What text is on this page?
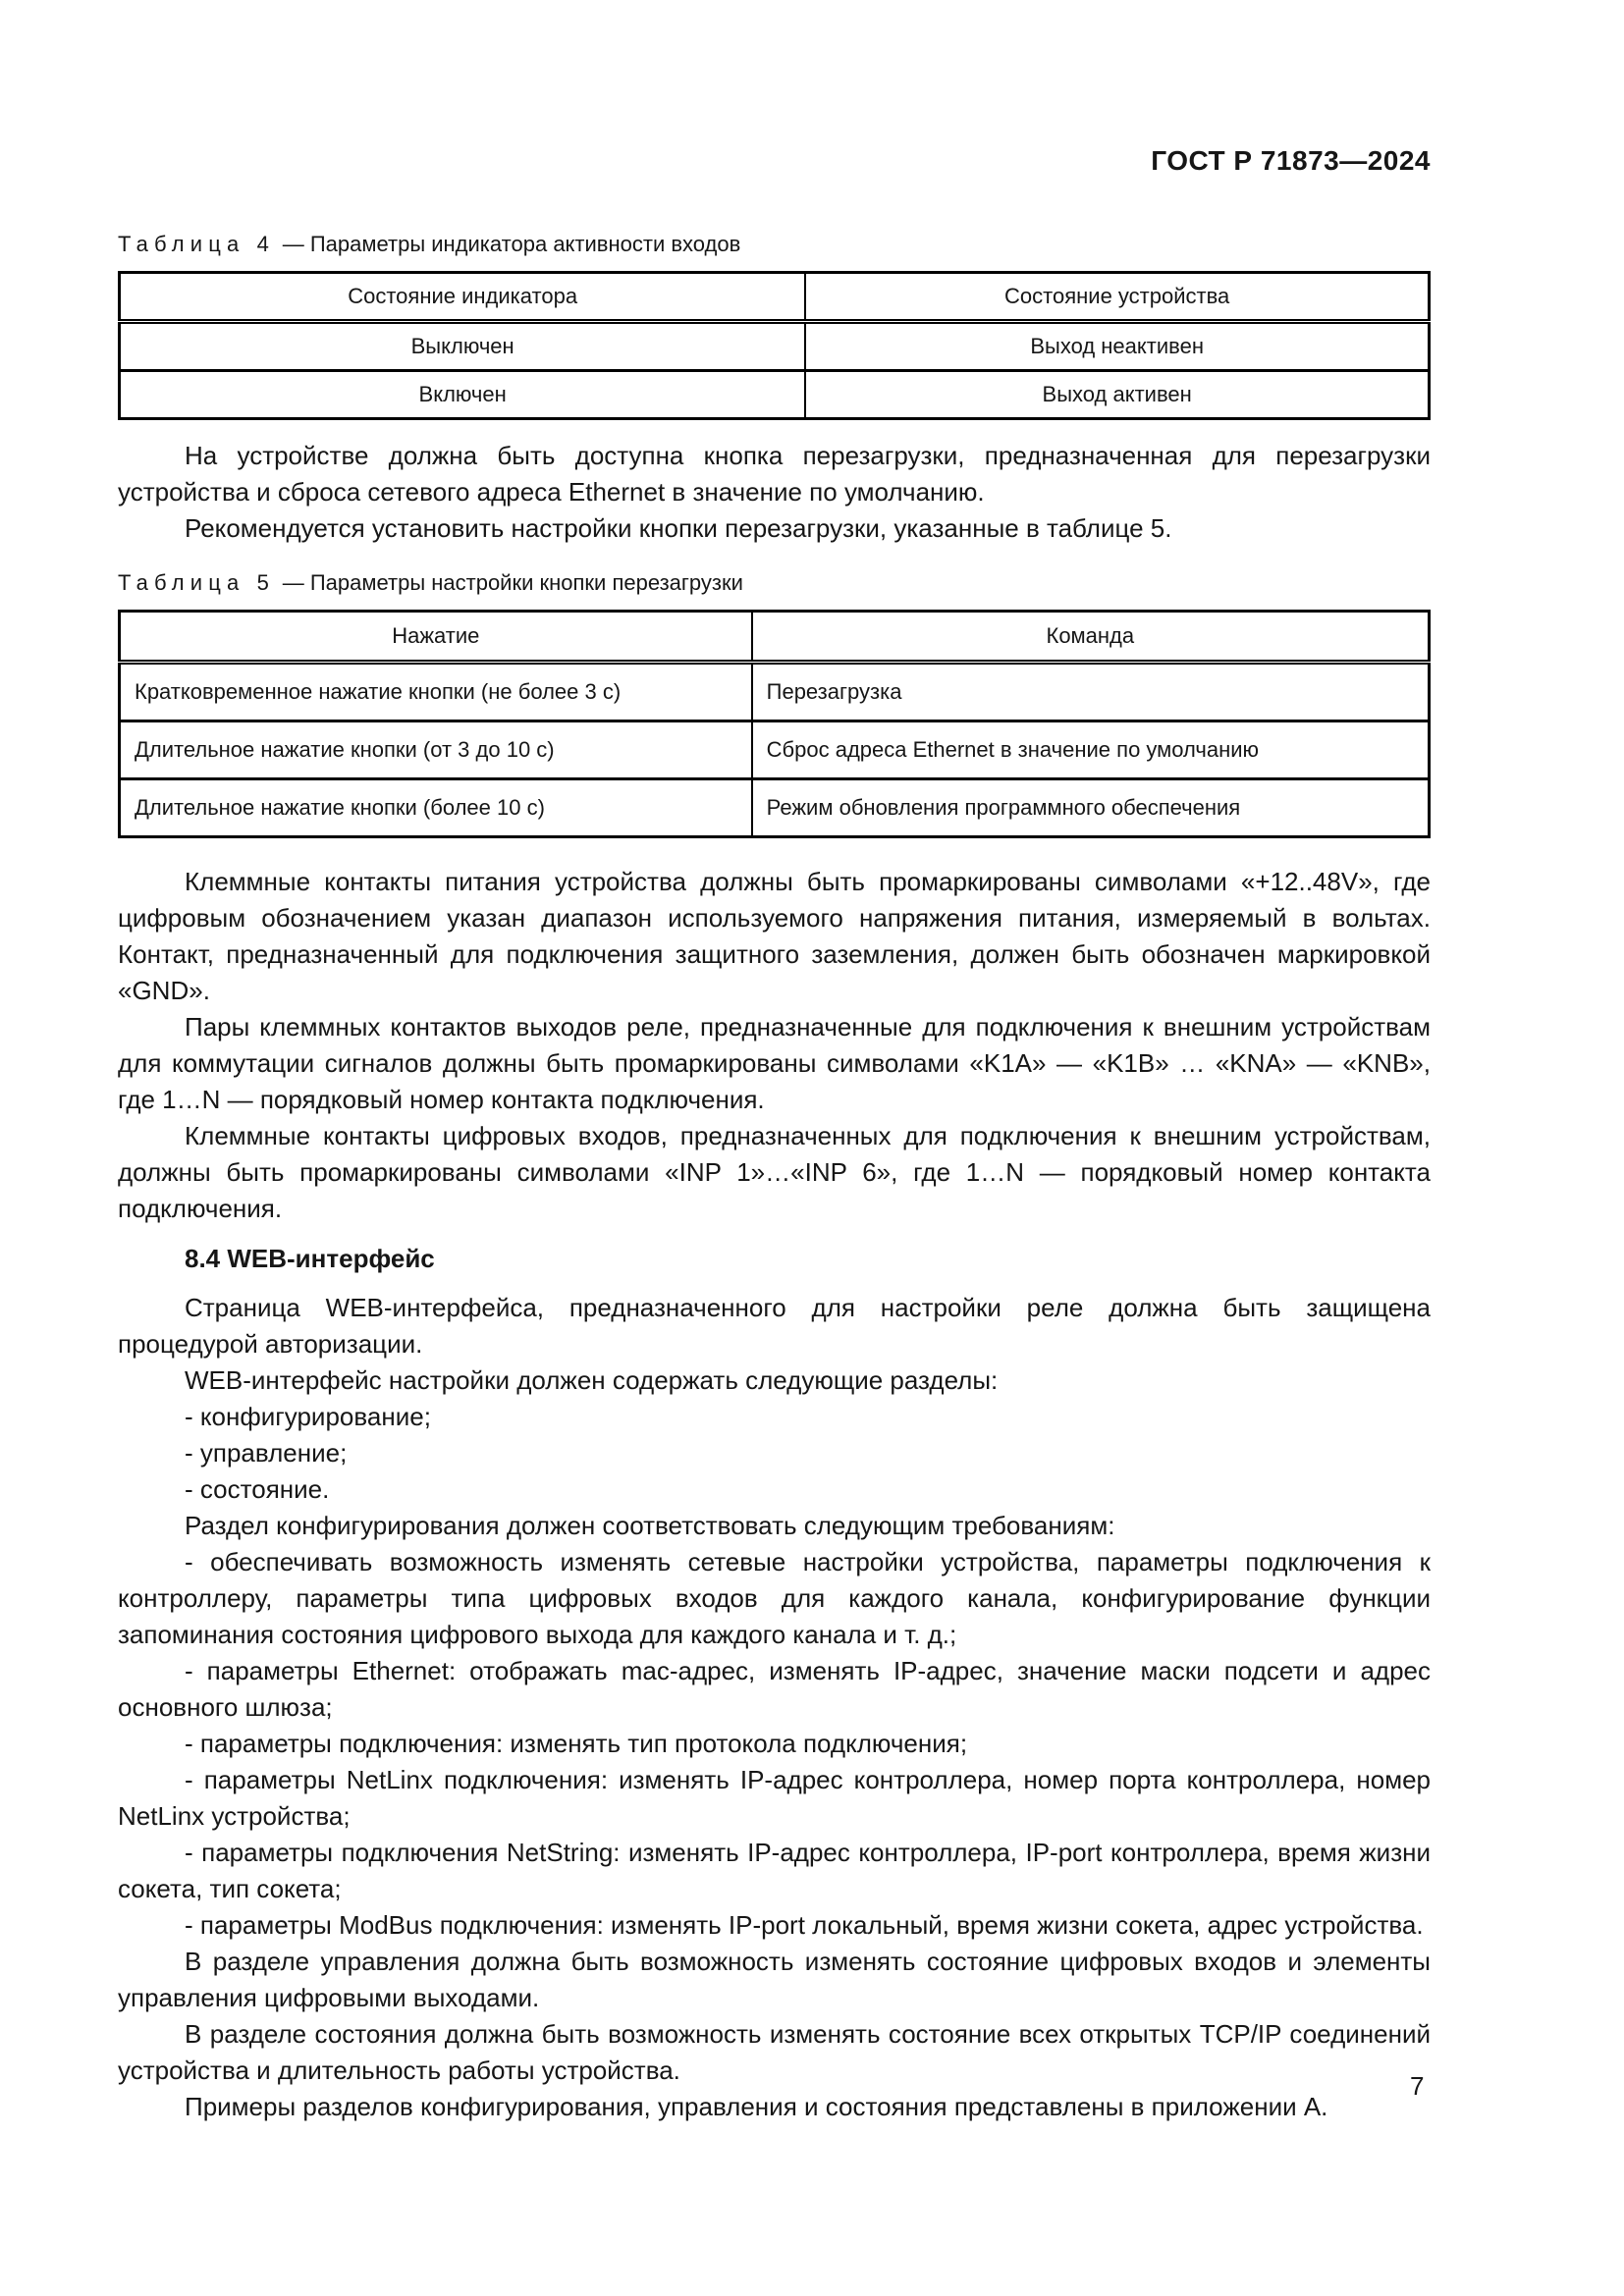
ГОСТ Р 71873—2024

Таблица 4 — Параметры индикатора активности входов

Состояние индикатора	Состояние устройства
Выключен	Выход неактивен
Включен	Выход активен

На устройстве должна быть доступна кнопка перезагрузки, предназначенная для перезагрузки устройства и сброса сетевого адреса Ethernet в значение по умолчанию.

Рекомендуется установить настройки кнопки перезагрузки, указанные в таблице 5.

Таблица 5 — Параметры настройки кнопки перезагрузки

Нажатие	Команда
Кратковременное нажатие кнопки (не более 3 с)	Перезагрузка
Длительное нажатие кнопки (от 3 до 10 с)	Сброс адреса Ethernet в значение по умолчанию
Длительное нажатие кнопки (более 10 с)	Режим обновления программного обеспечения

Клеммные контакты питания устройства должны быть промаркированы символами «+12..48V», где цифровым обозначением указан диапазон используемого напряжения питания, измеряемый в вольтах. Контакт, предназначенный для подключения защитного заземления, должен быть обозначен маркировкой «GND».

Пары клеммных контактов выходов реле, предназначенные для подключения к внешним устройствам для коммутации сигналов должны быть промаркированы символами «K1A» — «K1B» … «KNA» — «KNB», где 1…N — порядковый номер контакта подключения.

Клеммные контакты цифровых входов, предназначенных для подключения к внешним устройствам, должны быть промаркированы символами «INP 1»…«INP 6», где 1…N — порядковый номер контакта подключения.

8.4 WEB-интерфейс

Страница WEB-интерфейса, предназначенного для настройки реле должна быть защищена процедурой авторизации.

WEB-интерфейс настройки должен содержать следующие разделы:

- конфигурирование;

- управление;

- состояние.

Раздел конфигурирования должен соответствовать следующим требованиям:

- обеспечивать возможность изменять сетевые настройки устройства, параметры подключения к контроллеру, параметры типа цифровых входов для каждого канала, конфигурирование функции запоминания состояния цифрового выхода для каждого канала и т. д.;

- параметры Ethernet: отображать mac-адрес, изменять IP-адрес, значение маски подсети и адрес основного шлюза;

- параметры подключения: изменять тип протокола подключения;

- параметры NetLinx подключения: изменять IP-адрес контроллера, номер порта контроллера, номер NetLinx устройства;

- параметры подключения NetString: изменять IP-адрес контроллера, IP-port контроллера, время жизни сокета, тип сокета;

- параметры ModBus подключения: изменять IP-port локальный, время жизни сокета, адрес устройства.

В разделе управления должна быть возможность изменять состояние цифровых входов и элементы управления цифровыми выходами.

В разделе состояния должна быть возможность изменять состояние всех открытых TCP/IP соединений устройства и длительность работы устройства.

Примеры разделов конфигурирования, управления и состояния представлены в приложении А.

7
